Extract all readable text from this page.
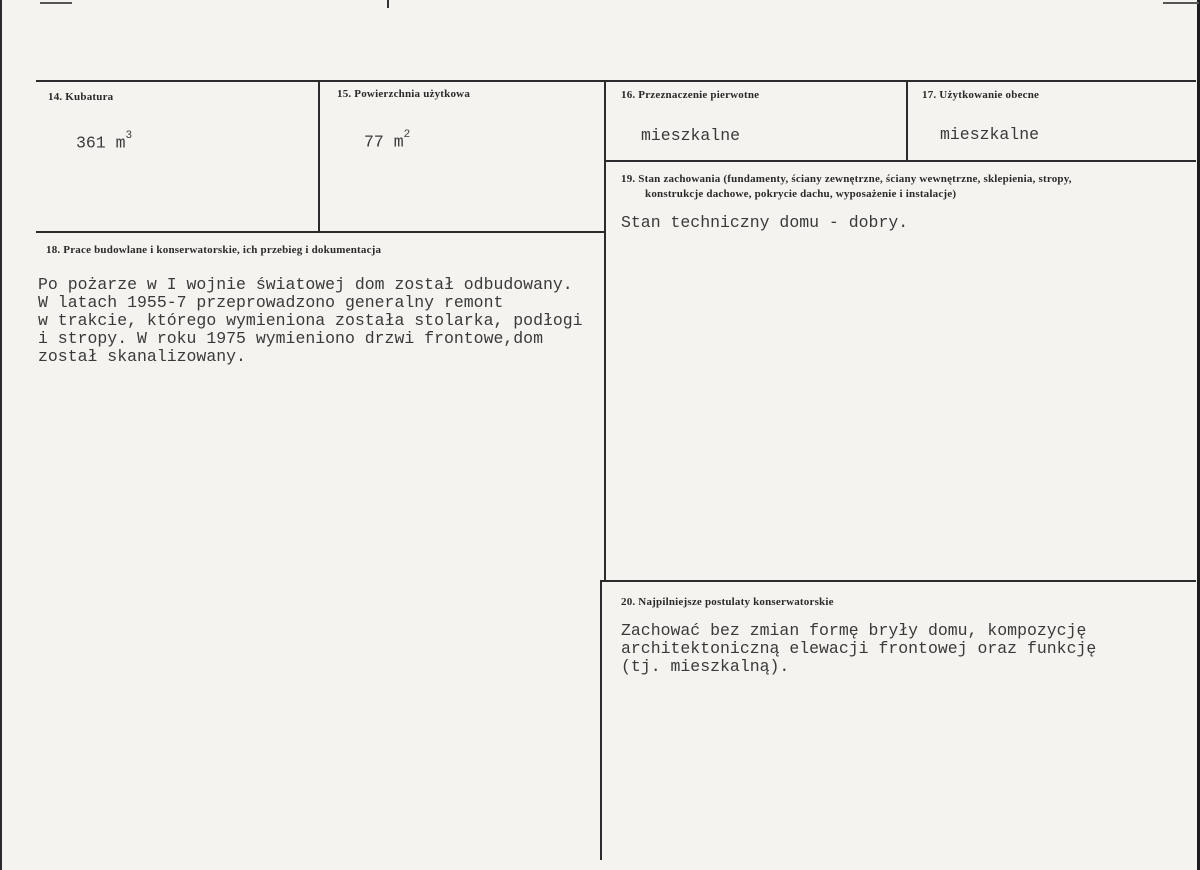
14. Kubatura
361 $m^3$
15. Powierzchnia użytkowa
77 $m^2$
16. Przeznaczenie pierwotne
mieszkalne
17. Użytkowanie obecne
mieszkalne
18. Prace budowlane i konserwatorskie, ich przebieg i dokumentacja
Po pożarze w I wojnie światowej dom został odbudowany.
W latach 1955-7 przeprowadzono generalny remont
w trakcie, którego wymieniona została stolarka, podłogi
i stropy. W roku 1975 wymieniono drzwi frontowe,dom
został skanalizowany.
19. Stan zachowania (fundamenty, ściany zewnętrzne, ściany wewnętrzne, sklepienia, stropy,
konstrukcje dachowe, pokrycie dachu, wyposażenie i instalacje)
Stan techniczny domu - dobry.
20. Najpilniejsze postulaty konserwatorskie
Zachować bez zmian formę bryły domu, kompozycję
architektoniczną elewacji frontowej oraz funkcję
(tj. mieszkalną).
